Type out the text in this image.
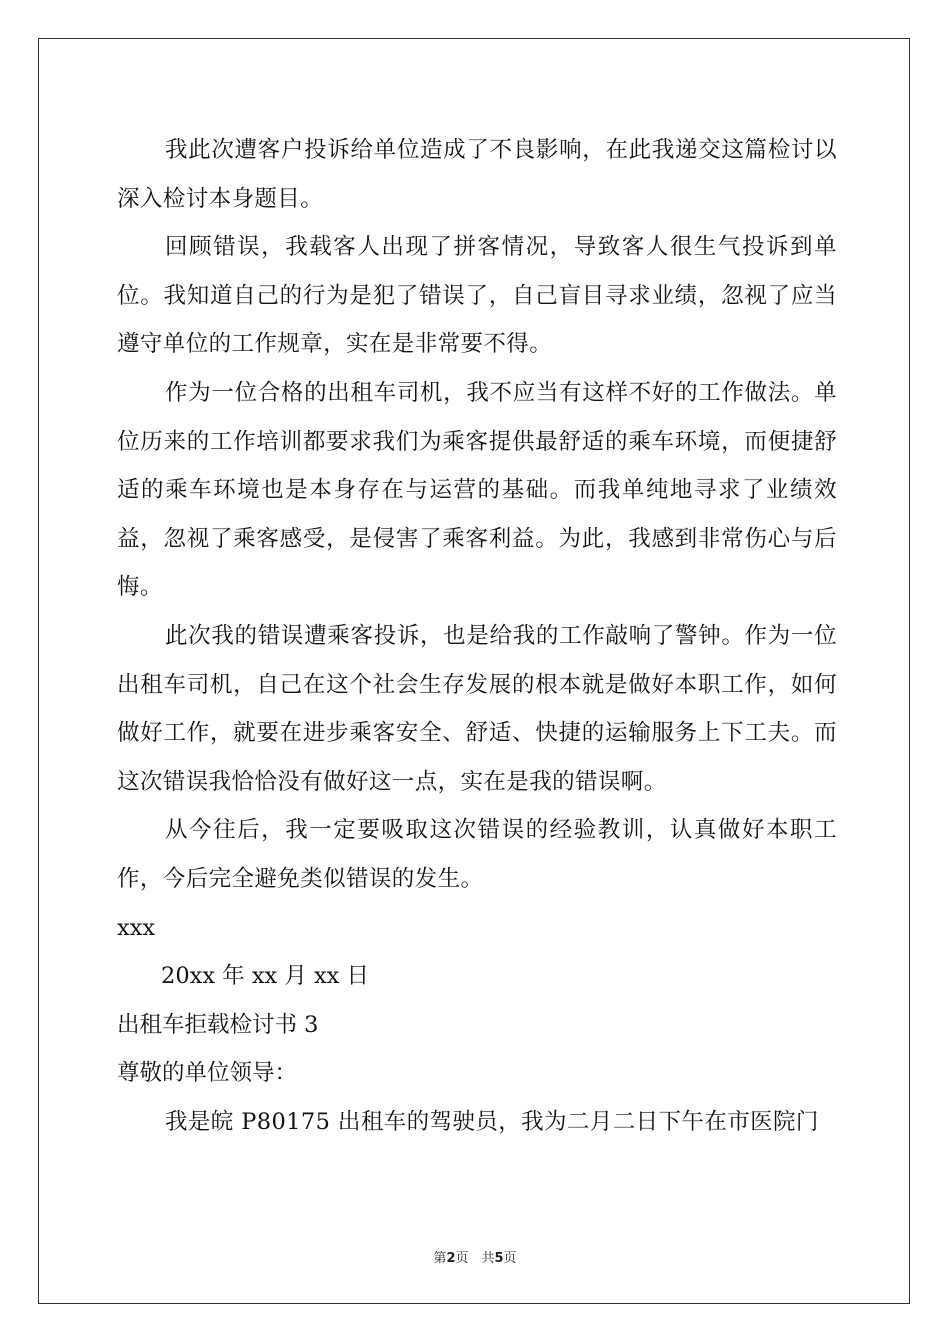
我此次遭客户投诉给单位造成了不良影响，在此我递交这篇检讨以深入检讨本身题目。

回顾错误，我载客人出现了拼客情况，导致客人很生气投诉到单位。我知道自己的行为是犯了错误了，自己盲目寻求业绩，忽视了应当遵守单位的工作规章，实在是非常要不得。

作为一位合格的出租车司机，我不应当有这样不好的工作做法。单位历来的工作培训都要求我们为乘客提供最舒适的乘车环境，而便捷舒适的乘车环境也是本身存在与运营的基础。而我单纯地寻求了业绩效益，忽视了乘客感受，是侵害了乘客利益。为此，我感到非常伤心与后悔。

此次我的错误遭乘客投诉，也是给我的工作敲响了警钟。作为一位出租车司机，自己在这个社会生存发展的根本就是做好本职工作，如何做好工作，就要在进步乘客安全、舒适、快捷的运输服务上下工夫。而这次错误我恰恰没有做好这一点，实在是我的错误啊。

从今往后，我一定要吸取这次错误的经验教训，认真做好本职工作，今后完全避免类似错误的发生。

xxx

20xx 年 xx 月 xx 日

出租车拒载检讨书 3

尊敬的单位领导：

我是皖 P80175 出租车的驾驶员，我为二月二日下午在市医院门

第2页　共5页
